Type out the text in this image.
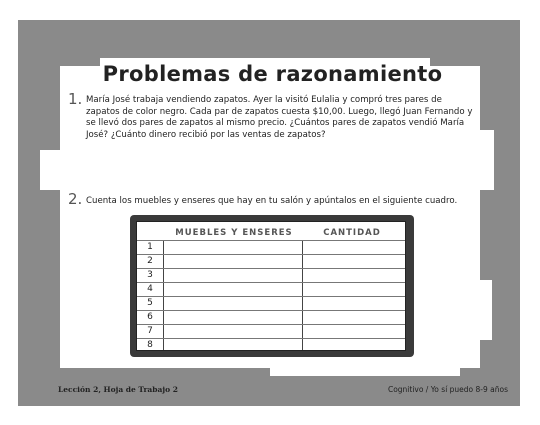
Problemas de razonamiento
1. María José trabaja vendiendo zapatos. Ayer la visitó Eulalia y compró tres pares de zapatos de color negro. Cada par de zapatos cuesta $10,00. Luego, llegó Juan Fernando y se llevó dos pares de zapatos al mismo precio. ¿Cuántos pares de zapatos vendió María José? ¿Cuánto dinero recibió por las ventas de zapatos?
2. Cuenta los muebles y enseres que hay en tu salón y apúntalos en el siguiente cuadro.
MUEBLES Y ENSERES	CANTIDAD
1
2
3
4
5
6
7
8
Lección 2, Hoja de Trabajo 2	Cognitivo / Yo sí puedo 8-9 años
